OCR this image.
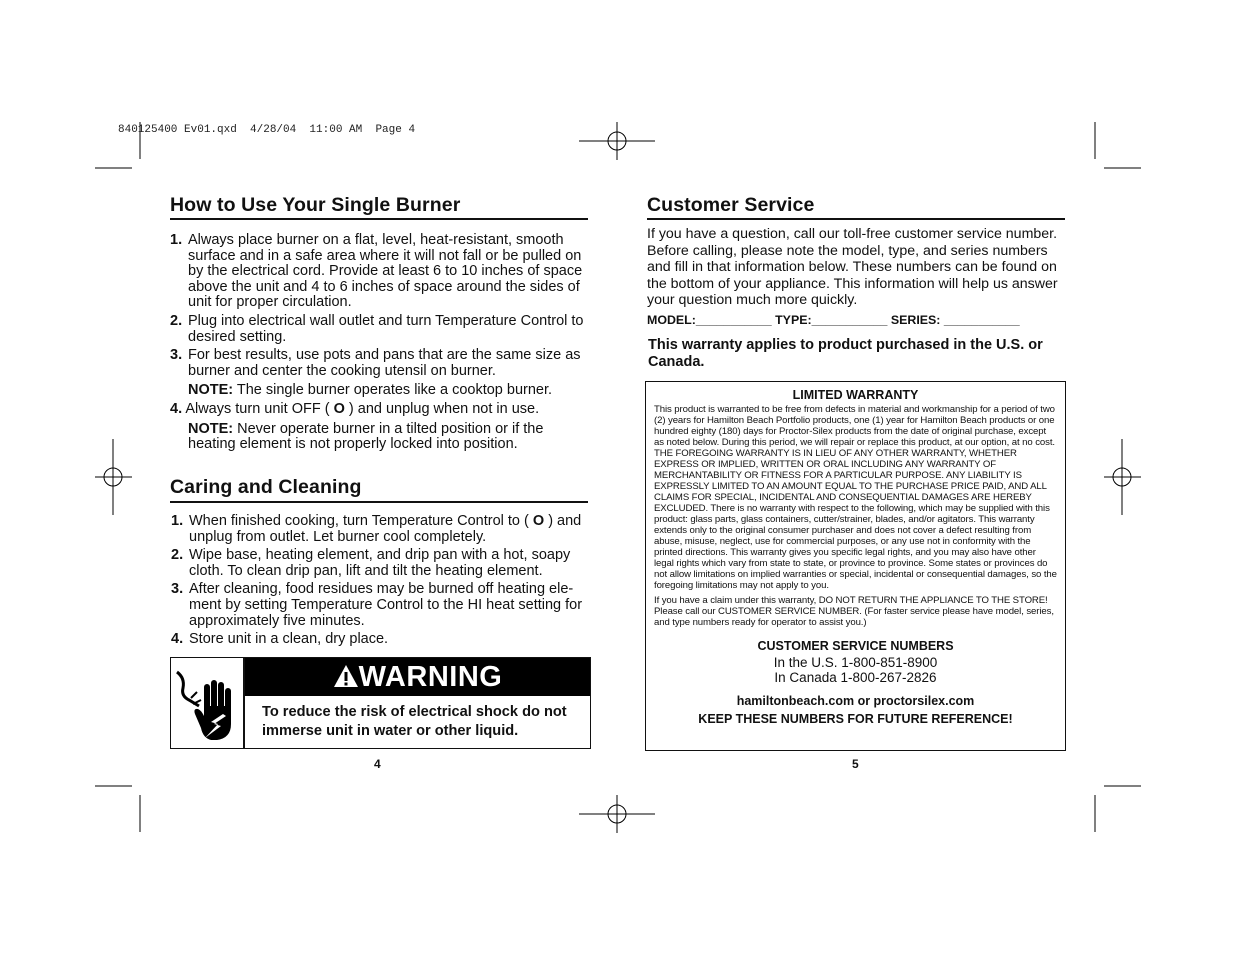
840125400 Ev01.qxd  4/28/04  11:00 AM  Page 4
How to Use Your Single Burner
1. Always place burner on a flat, level, heat-resistant, smooth surface and in a safe area where it will not fall or be pulled on by the electrical cord. Provide at least 6 to 10 inches of space above the unit and 4 to 6 inches of space around the sides of unit for proper circulation.
2. Plug into electrical wall outlet and turn Temperature Control to desired setting.
3. For best results, use pots and pans that are the same size as burner and center the cooking utensil on burner.
NOTE: The single burner operates like a cooktop burner.
4. Always turn unit OFF ( O ) and unplug when not in use.
NOTE: Never operate burner in a tilted position or if the heating element is not properly locked into position.
Caring and Cleaning
1. When finished cooking, turn Temperature Control to ( O ) and unplug from outlet. Let burner cool completely.
2. Wipe base, heating element, and drip pan with a hot, soapy cloth. To clean drip pan, lift and tilt the heating element.
3. After cleaning, food residues may be burned off heating ele-ment by setting Temperature Control to the HI heat setting for approximately five minutes.
4. Store unit in a clean, dry place.
WARNING
To reduce the risk of electrical shock do not immerse unit in water or other liquid.
4
Customer Service
If you have a question, call our toll-free customer service number. Before calling, please note the model, type, and series numbers and fill in that information below. These numbers can be found on the bottom of your appliance. This information will help us answer your question much more quickly.
MODEL:___________ TYPE:___________ SERIES: ___________
This warranty applies to product purchased in the U.S. or Canada.
LIMITED WARRANTY
This product is warranted to be free from defects in material and workmanship for a period of two (2) years for Hamilton Beach Portfolio products, one (1) year for Hamilton Beach products or one hundred eighty (180) days for Proctor-Silex products from the date of original purchase, except as noted below. During this period, we will repair or replace this product, at our option, at no cost. THE FOREGOING WARRANTY IS IN LIEU OF ANY OTHER WARRANTY, WHETHER EXPRESS OR IMPLIED, WRITTEN OR ORAL INCLUDING ANY WARRANTY OF MERCHANTABILITY OR FITNESS FOR A PARTICULAR PURPOSE. ANY LIABILITY IS EXPRESSLY LIMITED TO AN AMOUNT EQUAL TO THE PURCHASE PRICE PAID, AND ALL CLAIMS FOR SPECIAL, INCIDENTAL AND CONSEQUENTIAL DAMAGES ARE HEREBY EXCLUDED. There is no warranty with respect to the following, which may be supplied with this product: glass parts, glass containers, cutter/strainer, blades, and/or agitators. This warranty extends only to the original consumer purchaser and does not cover a defect resulting from abuse, misuse, neglect, use for commercial purposes, or any use not in conformity with the printed directions. This warranty gives you specific legal rights, and you may also have other legal rights which vary from state to state, or province to province. Some states or provinces do not allow limitations on implied warranties or special, incidental or consequential damages, so the foregoing limitations may not apply to you.
If you have a claim under this warranty, DO NOT RETURN THE APPLIANCE TO THE STORE! Please call our CUSTOMER SERVICE NUMBER. (For faster service please have model, series, and type numbers ready for operator to assist you.)
CUSTOMER SERVICE NUMBERS
In the U.S. 1-800-851-8900
In Canada 1-800-267-2826
hamiltonbeach.com or proctorsilex.com
KEEP THESE NUMBERS FOR FUTURE REFERENCE!
5
